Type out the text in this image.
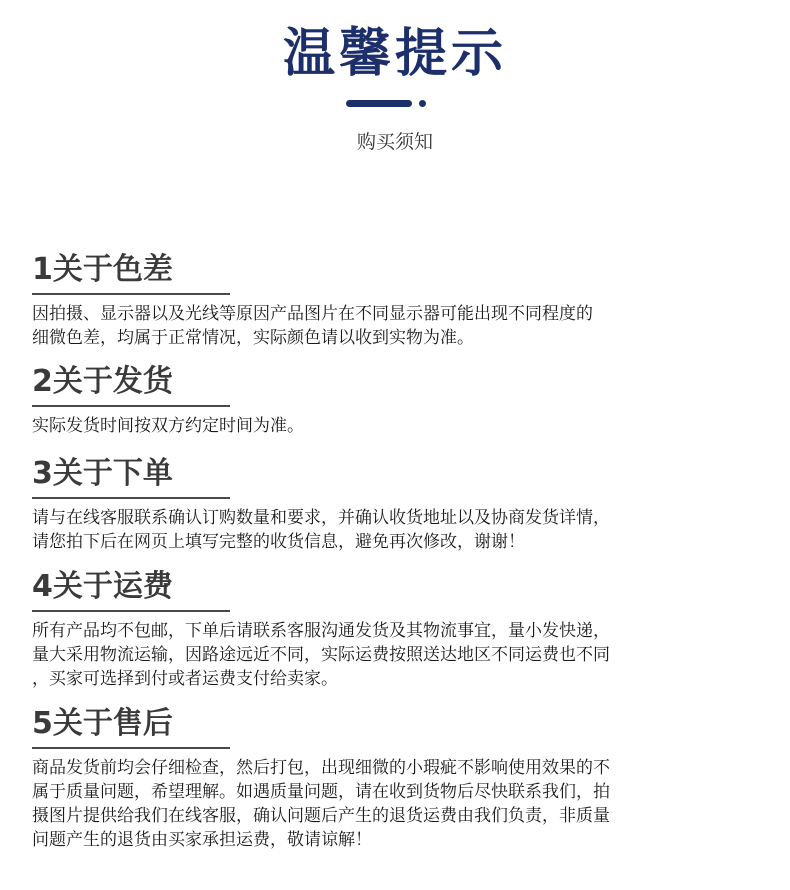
温馨提示
购买须知
1关于色差
因拍摄、显示器以及光线等原因产品图片在不同显示器可能出现不同程度的
细微色差，均属于正常情况，实际颜色请以收到实物为准。
2关于发货
实际发货时间按双方约定时间为准。
3关于下单
请与在线客服联系确认订购数量和要求，并确认收货地址以及协商发货详情，
请您拍下后在网页上填写完整的收货信息，避免再次修改，谢谢！
4关于运费
所有产品均不包邮，下单后请联系客服沟通发货及其物流事宜，量小发快递，
量大采用物流运输，因路途远近不同，实际运费按照送达地区不同运费也不同
，买家可选择到付或者运费支付给卖家。
5关于售后
商品发货前均会仔细检查，然后打包，出现细微的小瑕疵不影响使用效果的不
属于质量问题，希望理解。如遇质量问题，请在收到货物后尽快联系我们，拍
摄图片提供给我们在线客服，确认问题后产生的退货运费由我们负责，非质量
问题产生的退货由买家承担运费，敬请谅解！
